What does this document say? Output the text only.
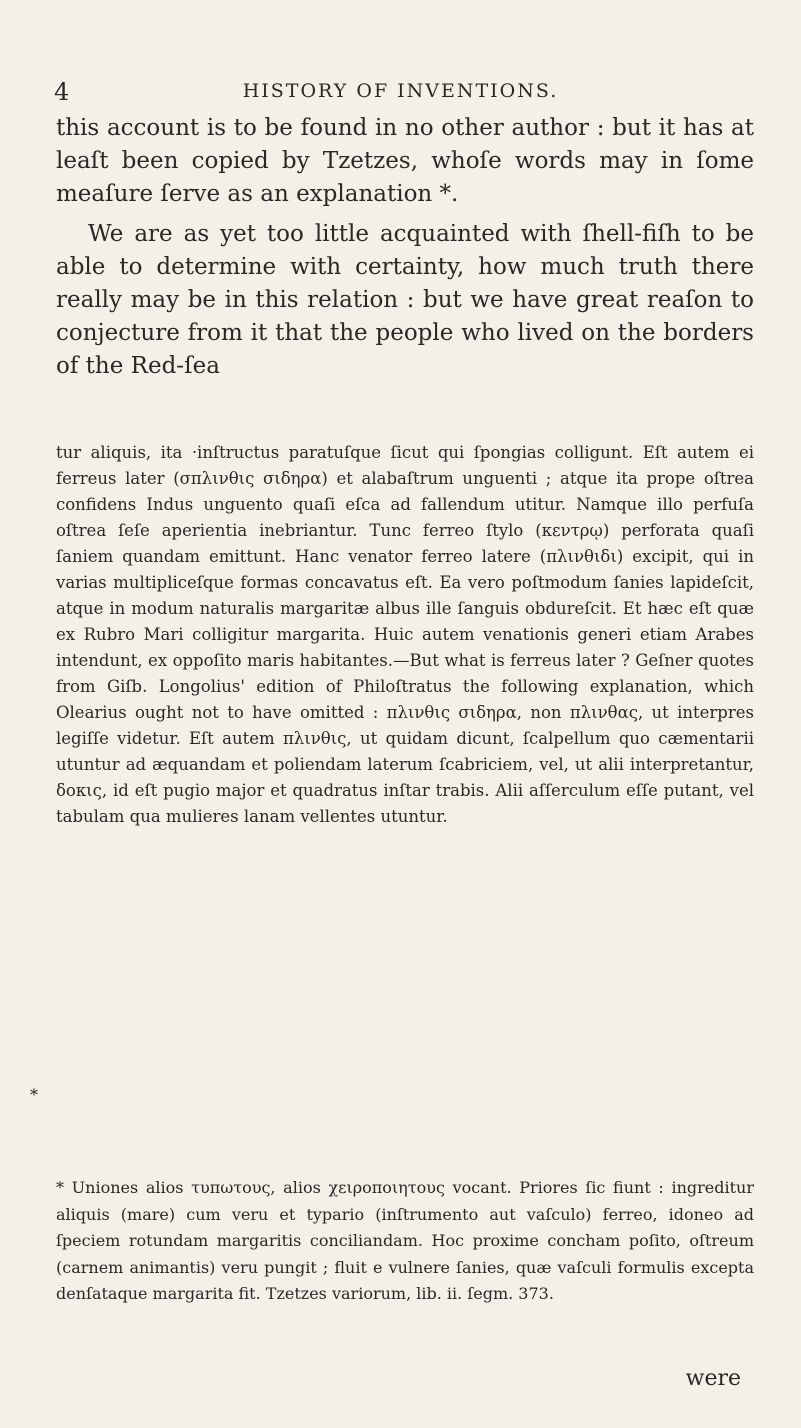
4	HISTORY OF INVENTIONS.

this account is to be found in no other author : but it has at leaſt been copied by Tzetzes, whoſe words may in ſome meaſure ſerve as an explanation *.

We are as yet too little acquainted with ſhell-fiſh to be able to determine with certainty, how much truth there really may be in this relation : but we have great reaſon to conjecture from it that the people who lived on the borders of the Red-ſea

tur aliquis, ita ·inſtructus paratuſque ſicut qui ſpongias colligunt. Eſt autem ei ferreus later (σπλινθις σιδηρα) et alabaſtrum unguenti ; atque ita prope oſtrea confidens Indus unguento quaſi eſca ad fallendum utitur. Namque illo perfuſa oſtrea ſeſe aperientia inebriantur. Tunc ferreo ſtylo (κεντρῳ) perforata quaſi ſaniem quandam emittunt. Hanc venator ferreo latere (πλινθιδι) excipit, qui in varias multipliceſque formas concavatus eſt. Ea vero poſtmodum ſanies lapideſcit, atque in modum naturalis margaritæ albus ille ſanguis obdureſcit. Et hæc eſt quæ ex Rubro Mari colligitur margarita. Huic autem venationis generi etiam Arabes intendunt, ex oppoſito maris habitantes.—But what is ferreus later ? Geſner quotes from Giſb. Longolius' edition of Philoſtratus the following explanation, which Olearius ought not to have omitted : πλινθις σιδηρα, non πλινθας, ut interpres legiſſe videtur. Eſt autem πλινθις, ut quidam dicunt, ſcalpellum quo cæmentarii utuntur ad æquandam et poliendam laterum ſcabriciem, vel, ut alii interpretantur, δοκις, id eſt pugio major et quadratus inſtar trabis. Alii aſſerculum eſſe putant, vel tabulam qua mulieres lanam vellentes utuntur.

⁎

* Uniones alios τυπωτους, alios χειροποιητους vocant. Priores ſic fiunt : ingreditur aliquis (mare) cum veru et typario (inſtrumento aut vaſculo) ferreo, idoneo ad ſpeciem rotundam margaritis conciliandam. Hoc proxime concham poſito, oſtreum (carnem animantis) veru pungit ; fluit e vulnere ſanies, quæ vaſculi formulis excepta denſataque margarita fit. Tzetzes variorum, lib. ii. ſegm. 373.

were
